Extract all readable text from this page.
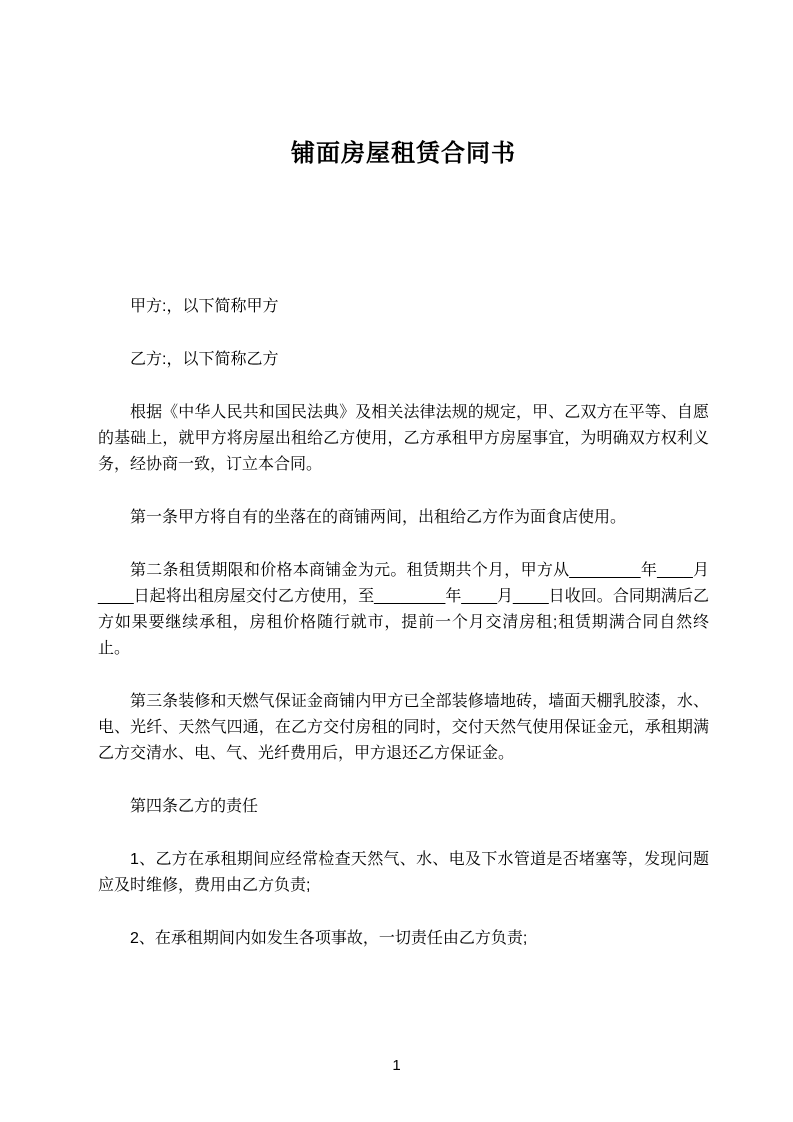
铺面房屋租赁合同书

甲方:，以下简称甲方

乙方:，以下简称乙方

根据《中华人民共和国民法典》及相关法律法规的规定，甲、乙双方在平等、自愿的基础上，就甲方将房屋出租给乙方使用，乙方承租甲方房屋事宜，为明确双方权利义务，经协商一致，订立本合同。

第一条甲方将自有的坐落在的商铺两间，出租给乙方作为面食店使用。

第二条租赁期限和价格本商铺金为元。租赁期共个月，甲方从________年____月____日起将出租房屋交付乙方使用，至________年____月____日收回。合同期满后乙方如果要继续承租，房租价格随行就市，提前一个月交清房租;租赁期满合同自然终止。

第三条装修和天燃气保证金商铺内甲方已全部装修墙地砖，墙面天棚乳胶漆，水、电、光纤、天然气四通，在乙方交付房租的同时，交付天然气使用保证金元，承租期满乙方交清水、电、气、光纤费用后，甲方退还乙方保证金。

第四条乙方的责任

1、乙方在承租期间应经常检查天然气、水、电及下水管道是否堵塞等，发现问题应及时维修，费用由乙方负责;

2、在承租期间内如发生各项事故，一切责任由乙方负责;

1
